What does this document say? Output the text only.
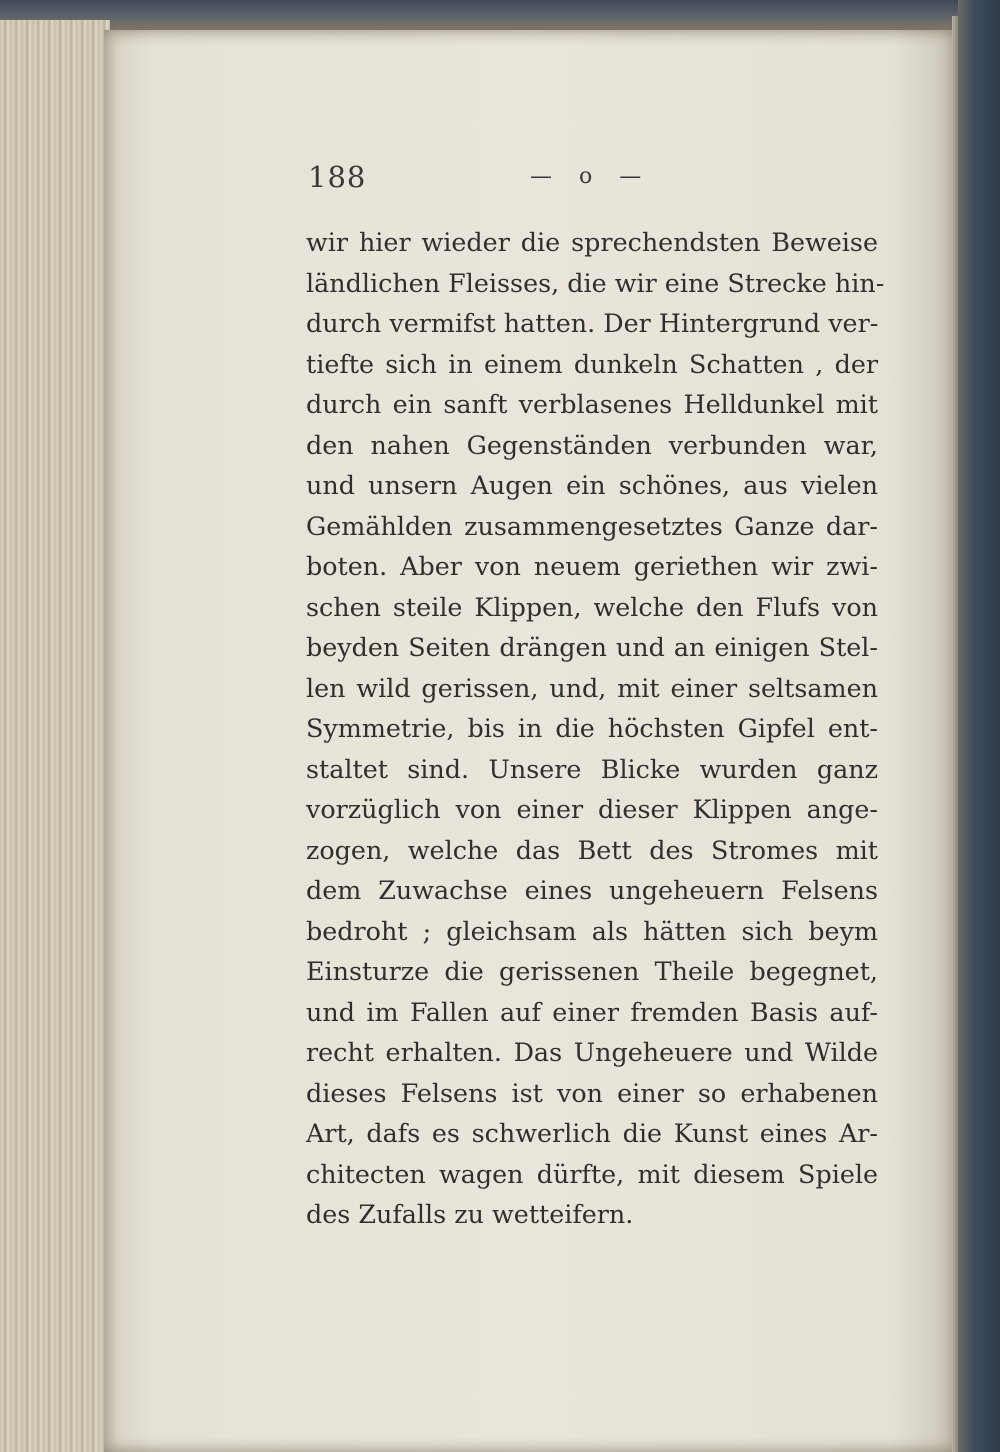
188	— o —
wir hier wieder die sprechendsten Beweise
ländlichen Fleisses, die wir eine Strecke hin-
durch vermifst hatten. Der Hintergrund ver-
tiefte sich in einem dunkeln Schatten , der
durch ein sanft verblasenes Helldunkel mit
den nahen Gegenständen verbunden war,
und unsern Augen ein schönes, aus vielen
Gemählden zusammengesetztes Ganze dar-
boten. Aber von neuem geriethen wir zwi-
schen steile Klippen, welche den Flufs von
beyden Seiten drängen und an einigen Stel-
len wild gerissen, und, mit einer seltsamen
Symmetrie, bis in die höchsten Gipfel ent-
staltet sind. Unsere Blicke wurden ganz
vorzüglich von einer dieser Klippen ange-
zogen, welche das Bett des Stromes mit
dem Zuwachse eines ungeheuern Felsens
bedroht ; gleichsam als hätten sich beym
Einsturze die gerissenen Theile begegnet,
und im Fallen auf einer fremden Basis auf-
recht erhalten. Das Ungeheuere und Wilde
dieses Felsens ist von einer so erhabenen
Art, dafs es schwerlich die Kunst eines Ar-
chitecten wagen dürfte, mit diesem Spiele
des Zufalls zu wetteifern.
